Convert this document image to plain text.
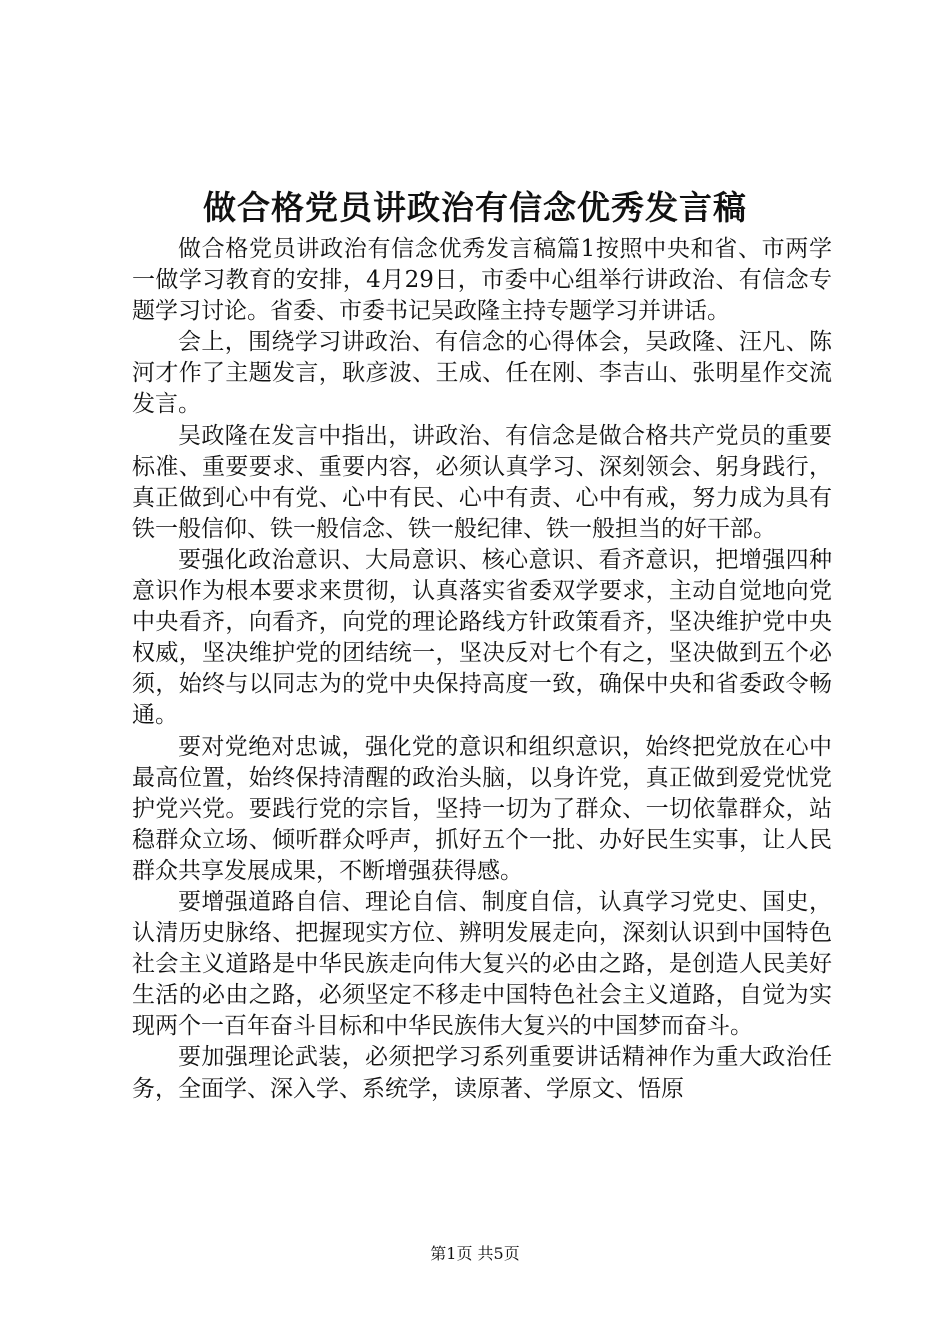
做合格党员讲政治有信念优秀发言稿

做合格党员讲政治有信念优秀发言稿篇1按照中央和省、市两学一做学习教育的安排，4月29日，市委中心组举行讲政治、有信念专题学习讨论。省委、市委书记吴政隆主持专题学习并讲话。

会上，围绕学习讲政治、有信念的心得体会，吴政隆、汪凡、陈河才作了主题发言，耿彦波、王成、任在刚、李吉山、张明星作交流发言。

吴政隆在发言中指出，讲政治、有信念是做合格共产党员的重要标准、重要要求、重要内容，必须认真学习、深刻领会、躬身践行，真正做到心中有党、心中有民、心中有责、心中有戒，努力成为具有铁一般信仰、铁一般信念、铁一般纪律、铁一般担当的好干部。

要强化政治意识、大局意识、核心意识、看齐意识，把增强四种意识作为根本要求来贯彻，认真落实省委双学要求，主动自觉地向党中央看齐，向看齐，向党的理论路线方针政策看齐，坚决维护党中央权威，坚决维护党的团结统一，坚决反对七个有之，坚决做到五个必须，始终与以同志为的党中央保持高度一致，确保中央和省委政令畅通。

要对党绝对忠诚，强化党的意识和组织意识，始终把党放在心中最高位置，始终保持清醒的政治头脑，以身许党，真正做到爱党忧党护党兴党。要践行党的宗旨，坚持一切为了群众、一切依靠群众，站稳群众立场、倾听群众呼声，抓好五个一批、办好民生实事，让人民群众共享发展成果，不断增强获得感。

要增强道路自信、理论自信、制度自信，认真学习党史、国史，认清历史脉络、把握现实方位、辨明发展走向，深刻认识到中国特色社会主义道路是中华民族走向伟大复兴的必由之路，是创造人民美好生活的必由之路，必须坚定不移走中国特色社会主义道路，自觉为实现两个一百年奋斗目标和中华民族伟大复兴的中国梦而奋斗。

要加强理论武装，必须把学习系列重要讲话精神作为重大政治任务，全面学、深入学、系统学，读原著、学原文、悟原

第1页 共5页
